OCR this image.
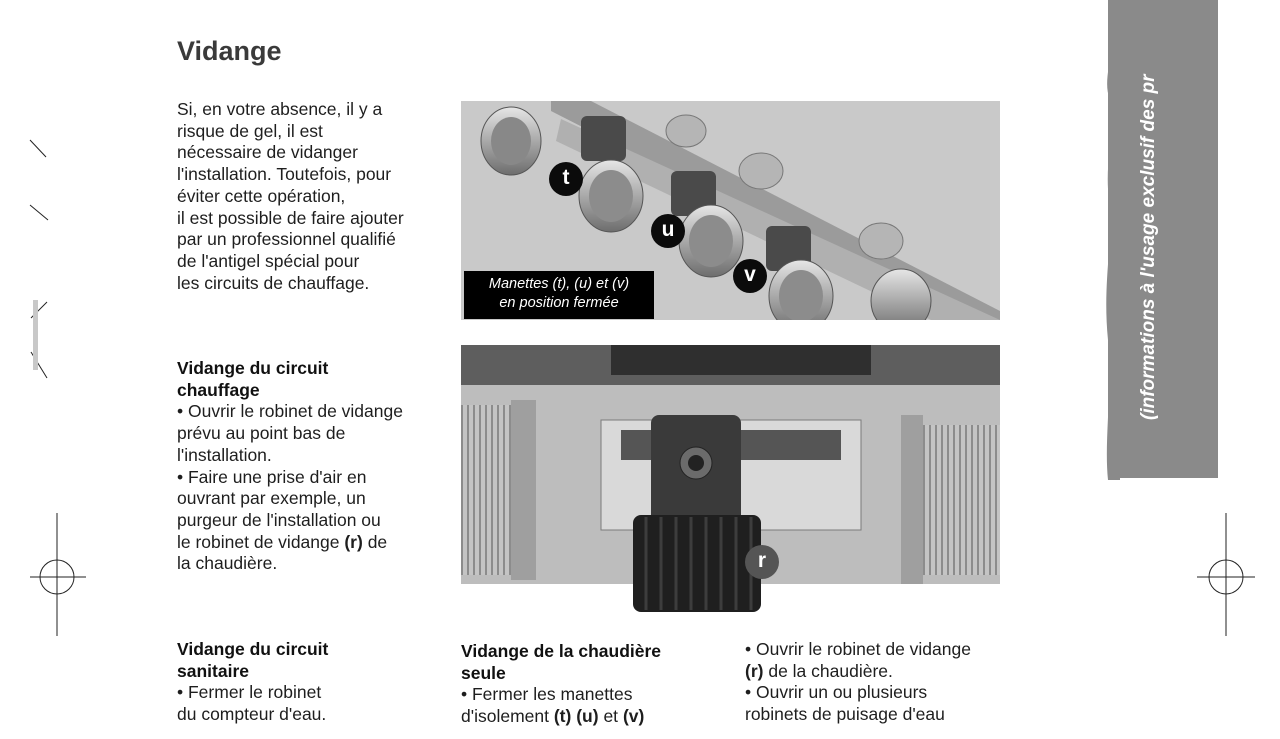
Vidange
Si, en votre absence, il y a
risque de gel, il est
nécessaire de vidanger
l'installation. Toutefois, pour
éviter cette opération,
il est possible de faire ajouter
par un professionnel qualifié
de l'antigel spécial pour
les circuits de chauffage.
Vidange du circuit
chauffage
• Ouvrir le robinet de vidange
prévu au point bas de
l'installation.
• Faire une prise d'air en
ouvrant par exemple, un
purgeur de l'installation ou
le robinet de vidange (r) de
la chaudière.
Vidange du circuit
sanitaire
• Fermer le robinet
du compteur d'eau.
Vidange de la chaudière
seule
• Fermer les manettes
d'isolement (t) (u) et (v)
• Ouvrir le robinet de vidange
(r) de la chaudière.
• Ouvrir un ou plusieurs
robinets de puisage d'eau
t
u
v
Manettes (t), (u) et (v)
en position fermée
r
(informations à l'usage exclusif des pr
